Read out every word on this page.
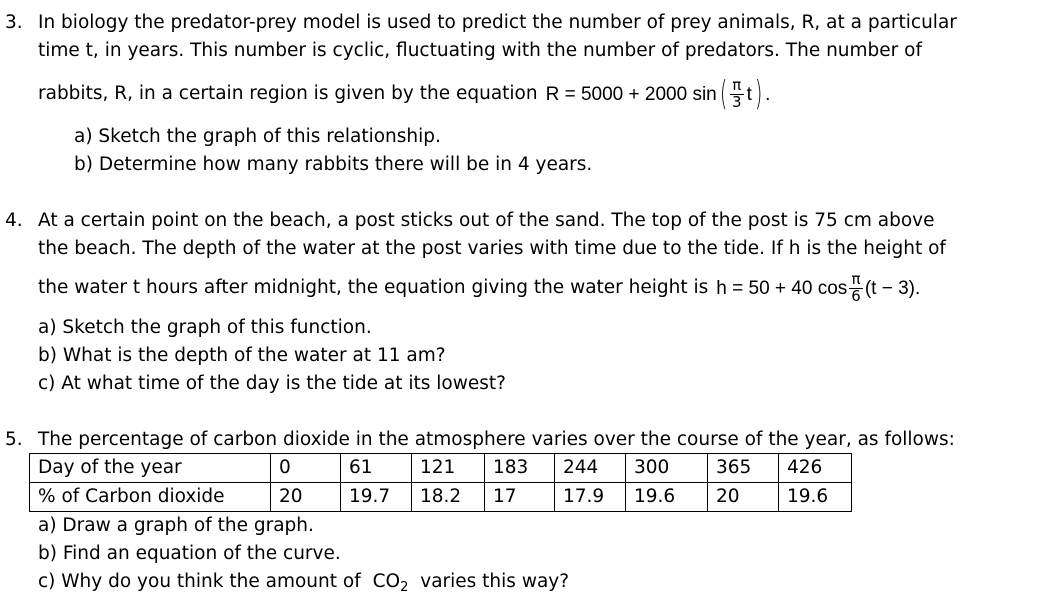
3. In biology the predator-prey model is used to predict the number of prey animals, R, at a particular
time t, in years. This number is cyclic, fluctuating with the number of predators. The number of
rabbits, R, in a certain region is given by the equation R = 5000 + 2000 sin ( $\frac{\pi}{3}$ t ) .
a) Sketch the graph of this relationship.
b) Determine how many rabbits there will be in 4 years.
4. At a certain point on the beach, a post sticks out of the sand. The top of the post is 75 cm above
the beach. The depth of the water at the post varies with time due to the tide. If h is the height of
the water t hours after midnight, the equation giving the water height is h = 50 + 40 $\cos \frac{\pi}{6} (t - 3)$.
a) Sketch the graph of this function.
b) What is the depth of the water at 11 am?
c) At what time of the day is the tide at its lowest?
5. The percentage of carbon dioxide in the atmosphere varies over the course of the year, as follows:
Day of the year	0	61	121	183	244	300	365	426
% of Carbon dioxide	20	19.7	18.2	17	17.9	19.6	20	19.6
a) Draw a graph of the graph.
b) Find an equation of the curve.
c) Why do you think the amount of $CO_2$ varies this way?
